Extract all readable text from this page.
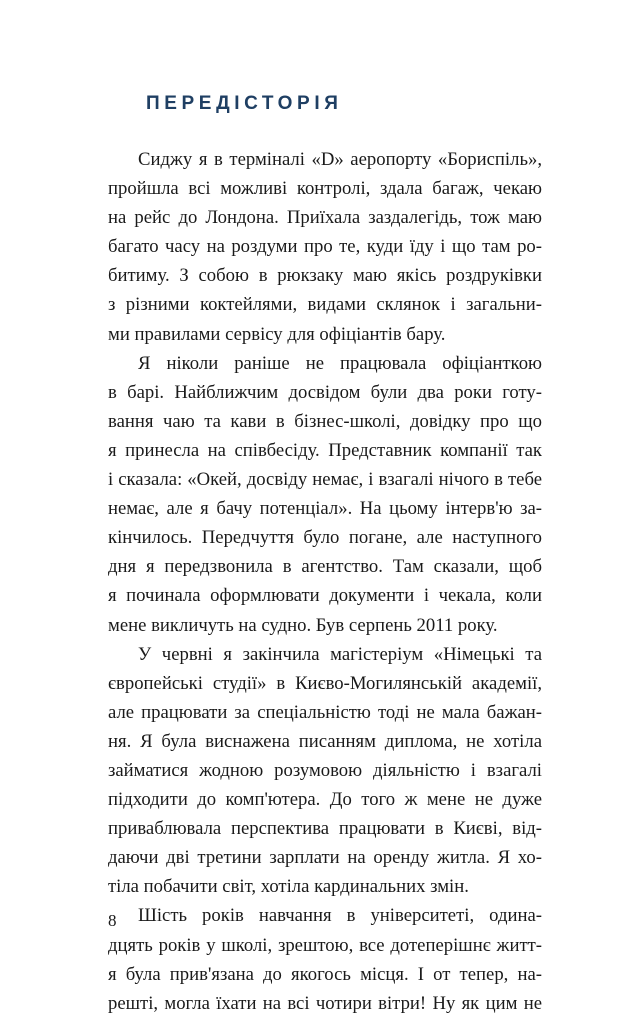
ПЕРЕДІСТОРІЯ
Сиджу я в терміналі «D» аеропорту «Бориспіль»,
пройшла всі можливі контролі, здала багаж, чекаю
на рейс до Лондона. Приїхала заздалегідь, тож маю
багато часу на роздуми про те, куди їду і що там ро-
битиму. З собою в рюкзаку маю якісь роздруківки
з різними коктейлями, видами склянок і загальни-
ми правилами сервісу для офіціантів бару.
Я ніколи раніше не працювала офіціанткою
в барі. Найближчим досвідом були два роки готу-
вання чаю та кави в бізнес-школі, довідку про що
я принесла на співбесіду. Представник компанії так
і сказала: «Окей, досвіду немає, і взагалі нічого в тебе
немає, але я бачу потенціал». На цьому інтерв'ю за-
кінчилось. Передчуття було погане, але наступного
дня я передзвонила в агентство. Там сказали, щоб
я починала оформлювати документи і чекала, коли
мене викличуть на судно. Був серпень 2011 року.
У червні я закінчила магістеріум «Німецькі та
європейські студії» в Києво-Могилянській академії,
але працювати за спеціальністю тоді не мала бажан-
ня. Я була виснажена писанням диплома, не хотіла
займатися жодною розумовою діяльністю і взагалі
підходити до комп'ютера. До того ж мене не дуже
приваблювала перспектива працювати в Києві, від-
даючи дві третини зарплати на оренду житла. Я хо-
тіла побачити світ, хотіла кардинальних змін.
Шість років навчання в університеті, одина-
дцять років у школі, зрештою, все дотеперішнє житт-
я була прив'язана до якогось місця. І от тепер, на-
решті, могла їхати на всі чотири вітри! Ну як цим не
8
